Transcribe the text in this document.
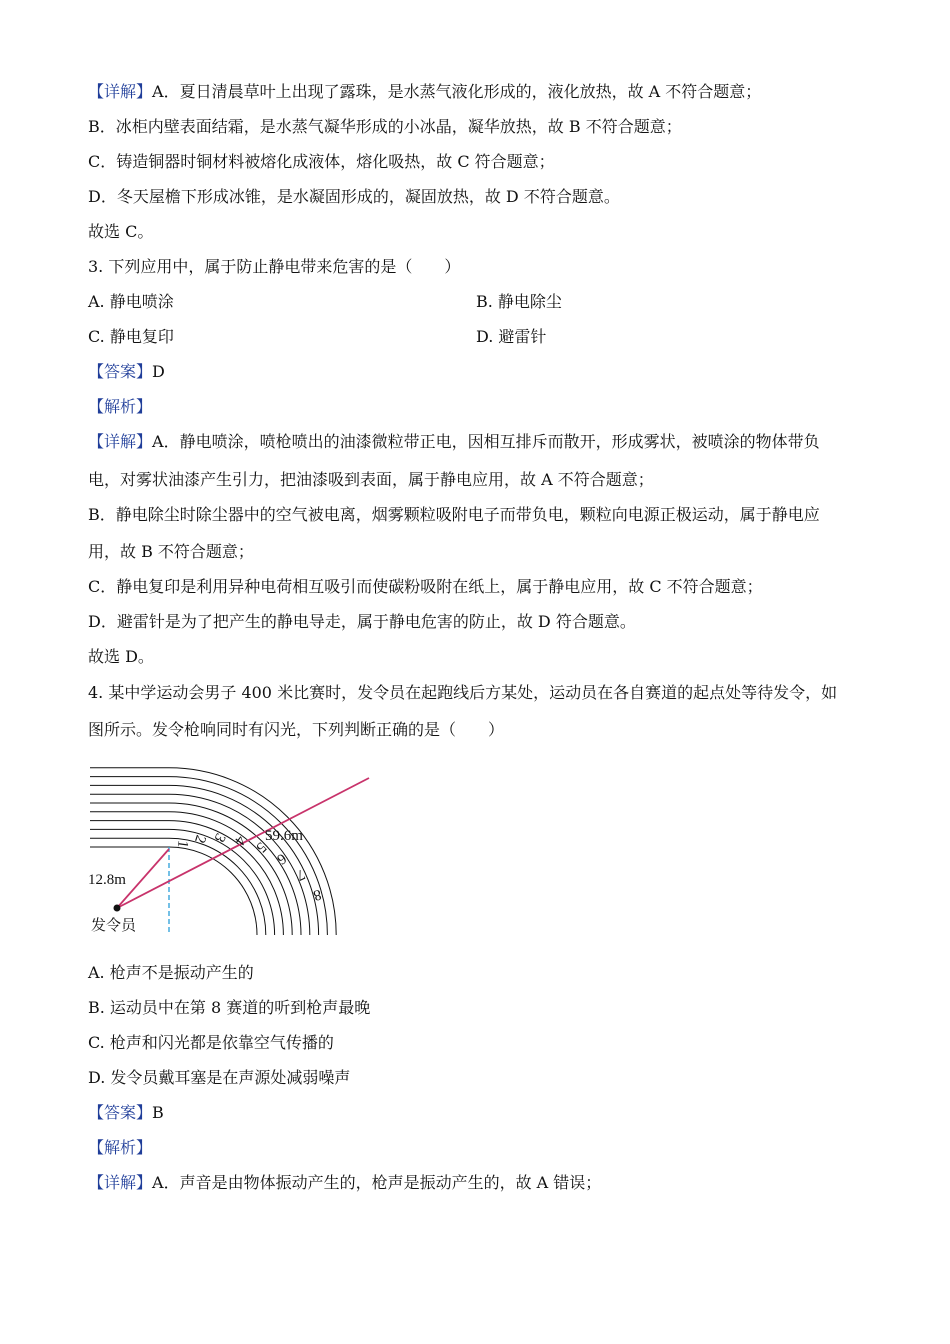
【详解】A．夏日清晨草叶上出现了露珠，是水蒸气液化形成的，液化放热，故 A 不符合题意；
B．冰柜内壁表面结霜，是水蒸气凝华形成的小冰晶，凝华放热，故 B 不符合题意；
C．铸造铜器时铜材料被熔化成液体，熔化吸热，故 C 符合题意；
D．冬天屋檐下形成冰锥，是水凝固形成的，凝固放热，故 D 不符合题意。
故选 C。
3. 下列应用中，属于防止静电带来危害的是（　　）
A. 静电喷涂	B. 静电除尘
C. 静电复印	D. 避雷针
【答案】D
【解析】
【详解】A．静电喷涂，喷枪喷出的油漆微粒带正电，因相互排斥而散开，形成雾状，被喷涂的物体带负
电，对雾状油漆产生引力，把油漆吸到表面，属于静电应用，故 A 不符合题意；
B．静电除尘时除尘器中的空气被电离，烟雾颗粒吸附电子而带负电，颗粒向电源正极运动，属于静电应
用，故 B 不符合题意；
C．静电复印是利用异种电荷相互吸引而使碳粉吸附在纸上，属于静电应用，故 C 不符合题意；
D．避雷针是为了把产生的静电导走，属于静电危害的防止，故 D 符合题意。
故选 D。
4. 某中学运动会男子 400 米比赛时，发令员在起跑线后方某处，运动员在各自赛道的起点处等待发令，如
图所示。发令枪响同时有闪光，下列判断正确的是（　　）
12.8m
59.6m
发令员
1 2 3 4 5
6
7
8
A. 枪声不是振动产生的
B. 运动员中在第 8 赛道的听到枪声最晚
C. 枪声和闪光都是依靠空气传播的
D. 发令员戴耳塞是在声源处减弱噪声
【答案】B
【解析】
【详解】A．声音是由物体振动产生的，枪声是振动产生的，故 A 错误；
